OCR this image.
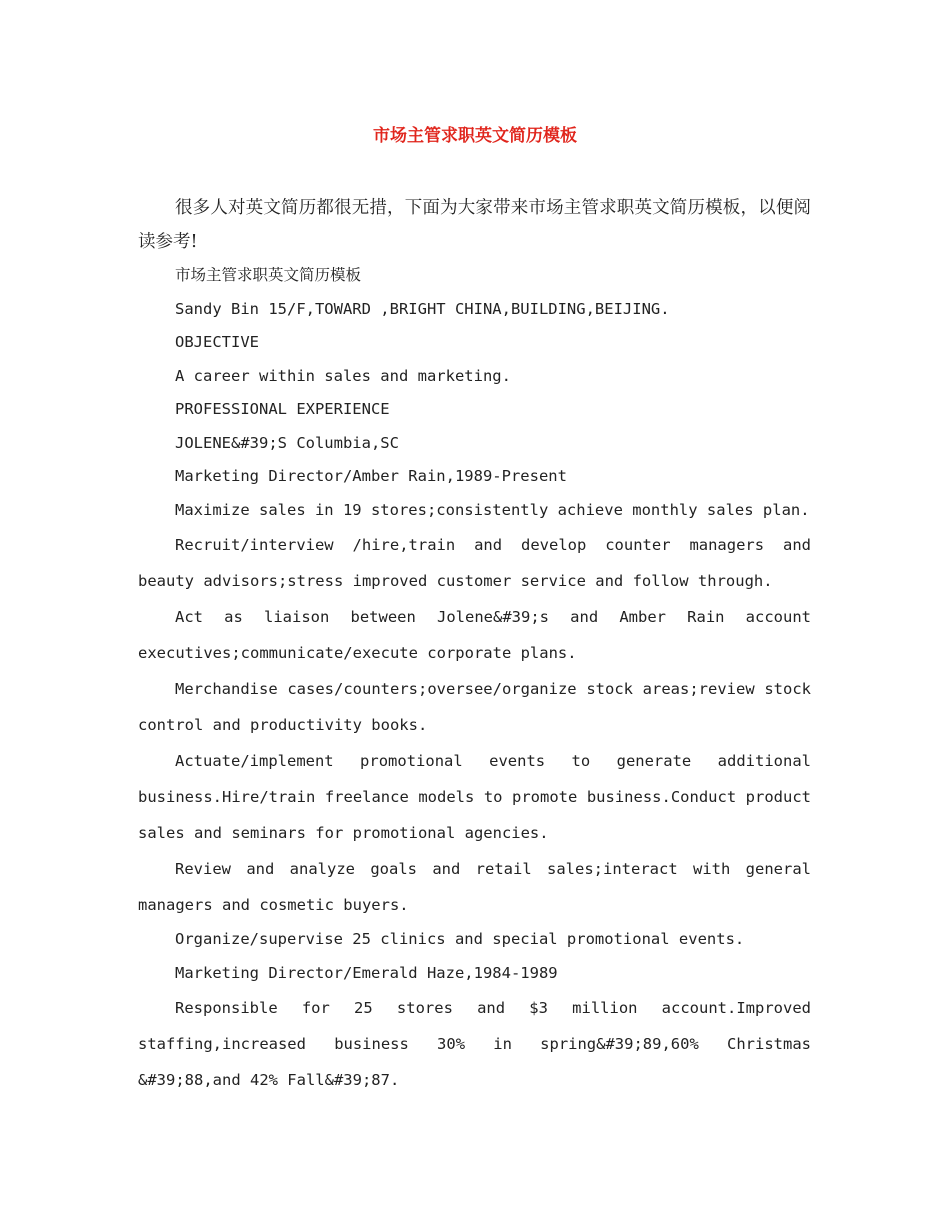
市场主管求职英文简历模板

很多人对英文简历都很无措，下面为大家带来市场主管求职英文简历模板，以便阅读参考!

市场主管求职英文简历模板

Sandy Bin 15/F,TOWARD ,BRIGHT CHINA,BUILDING,BEIJING.

OBJECTIVE

A career within sales and marketing.

PROFESSIONAL EXPERIENCE

JOLENE&#39;S Columbia,SC

Marketing Director/Amber Rain,1989-Present

Maximize sales in 19 stores;consistently achieve monthly sales plan.

Recruit/interview /hire,train and develop counter managers and beauty advisors;stress improved customer service and follow through.

Act as liaison between Jolene&#39;s and Amber Rain account executives;communicate/execute corporate plans.

Merchandise cases/counters;oversee/organize stock areas;review stock control and productivity books.

Actuate/implement promotional events to generate additional business.Hire/train freelance models to promote business.Conduct product sales and seminars for promotional agencies.

Review and analyze goals and retail sales;interact with general managers and cosmetic buyers.

Organize/supervise 25 clinics and special promotional events.

Marketing Director/Emerald Haze,1984-1989

Responsible for 25 stores and $3 million account.Improved staffing,increased business 30% in spring&#39;89,60% Christmas &#39;88,and 42% Fall&#39;87.
